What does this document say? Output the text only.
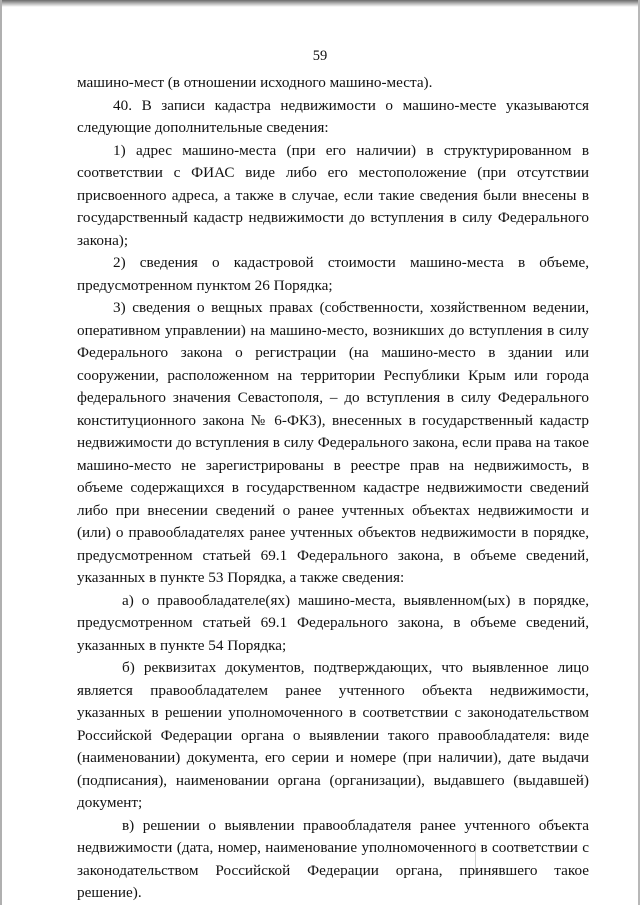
59

машино-мест (в отношении исходного машино-места).

40. В записи кадастра недвижимости о машино-месте указываются следующие дополнительные сведения:

1) адрес машино-места (при его наличии) в структурированном в соответствии с ФИАС виде либо его местоположение (при отсутствии присвоенного адреса, а также в случае, если такие сведения были внесены в государственный кадастр недвижимости до вступления в силу Федерального закона);

2) сведения о кадастровой стоимости машино-места в объеме, предусмотренном пунктом 26 Порядка;

3) сведения о вещных правах (собственности, хозяйственном ведении, оперативном управлении) на машино-место, возникших до вступления в силу Федерального закона о регистрации (на машино-место в здании или сооружении, расположенном на территории Республики Крым или города федерального значения Севастополя, – до вступления в силу Федерального конституционного закона № 6-ФКЗ), внесенных в государственный кадастр недвижимости до вступления в силу Федерального закона, если права на такое машино-место не зарегистрированы в реестре прав на недвижимость, в объеме содержащихся в государственном кадастре недвижимости сведений либо при внесении сведений о ранее учтенных объектах недвижимости и (или) о правообладателях ранее учтенных объектов недвижимости в порядке, предусмотренном статьей 69.1 Федерального закона, в объеме сведений, указанных в пункте 53 Порядка, а также сведения:

а) о правообладателе(ях) машино-места, выявленном(ых) в порядке, предусмотренном статьей 69.1 Федерального закона, в объеме сведений, указанных в пункте 54 Порядка;

б) реквизитах документов, подтверждающих, что выявленное лицо является правообладателем ранее учтенного объекта недвижимости, указанных в решении уполномоченного в соответствии с законодательством Российской Федерации органа о выявлении такого правообладателя: виде (наименовании) документа, его серии и номере (при наличии), дате выдачи (подписания), наименовании органа (организации), выдавшего (выдавшей) документ;

в) решении о выявлении правообладателя ранее учтенного объекта недвижимости (дата, номер, наименование уполномоченного в соответствии с законодательством Российской Федерации органа, принявшего такое решение).
